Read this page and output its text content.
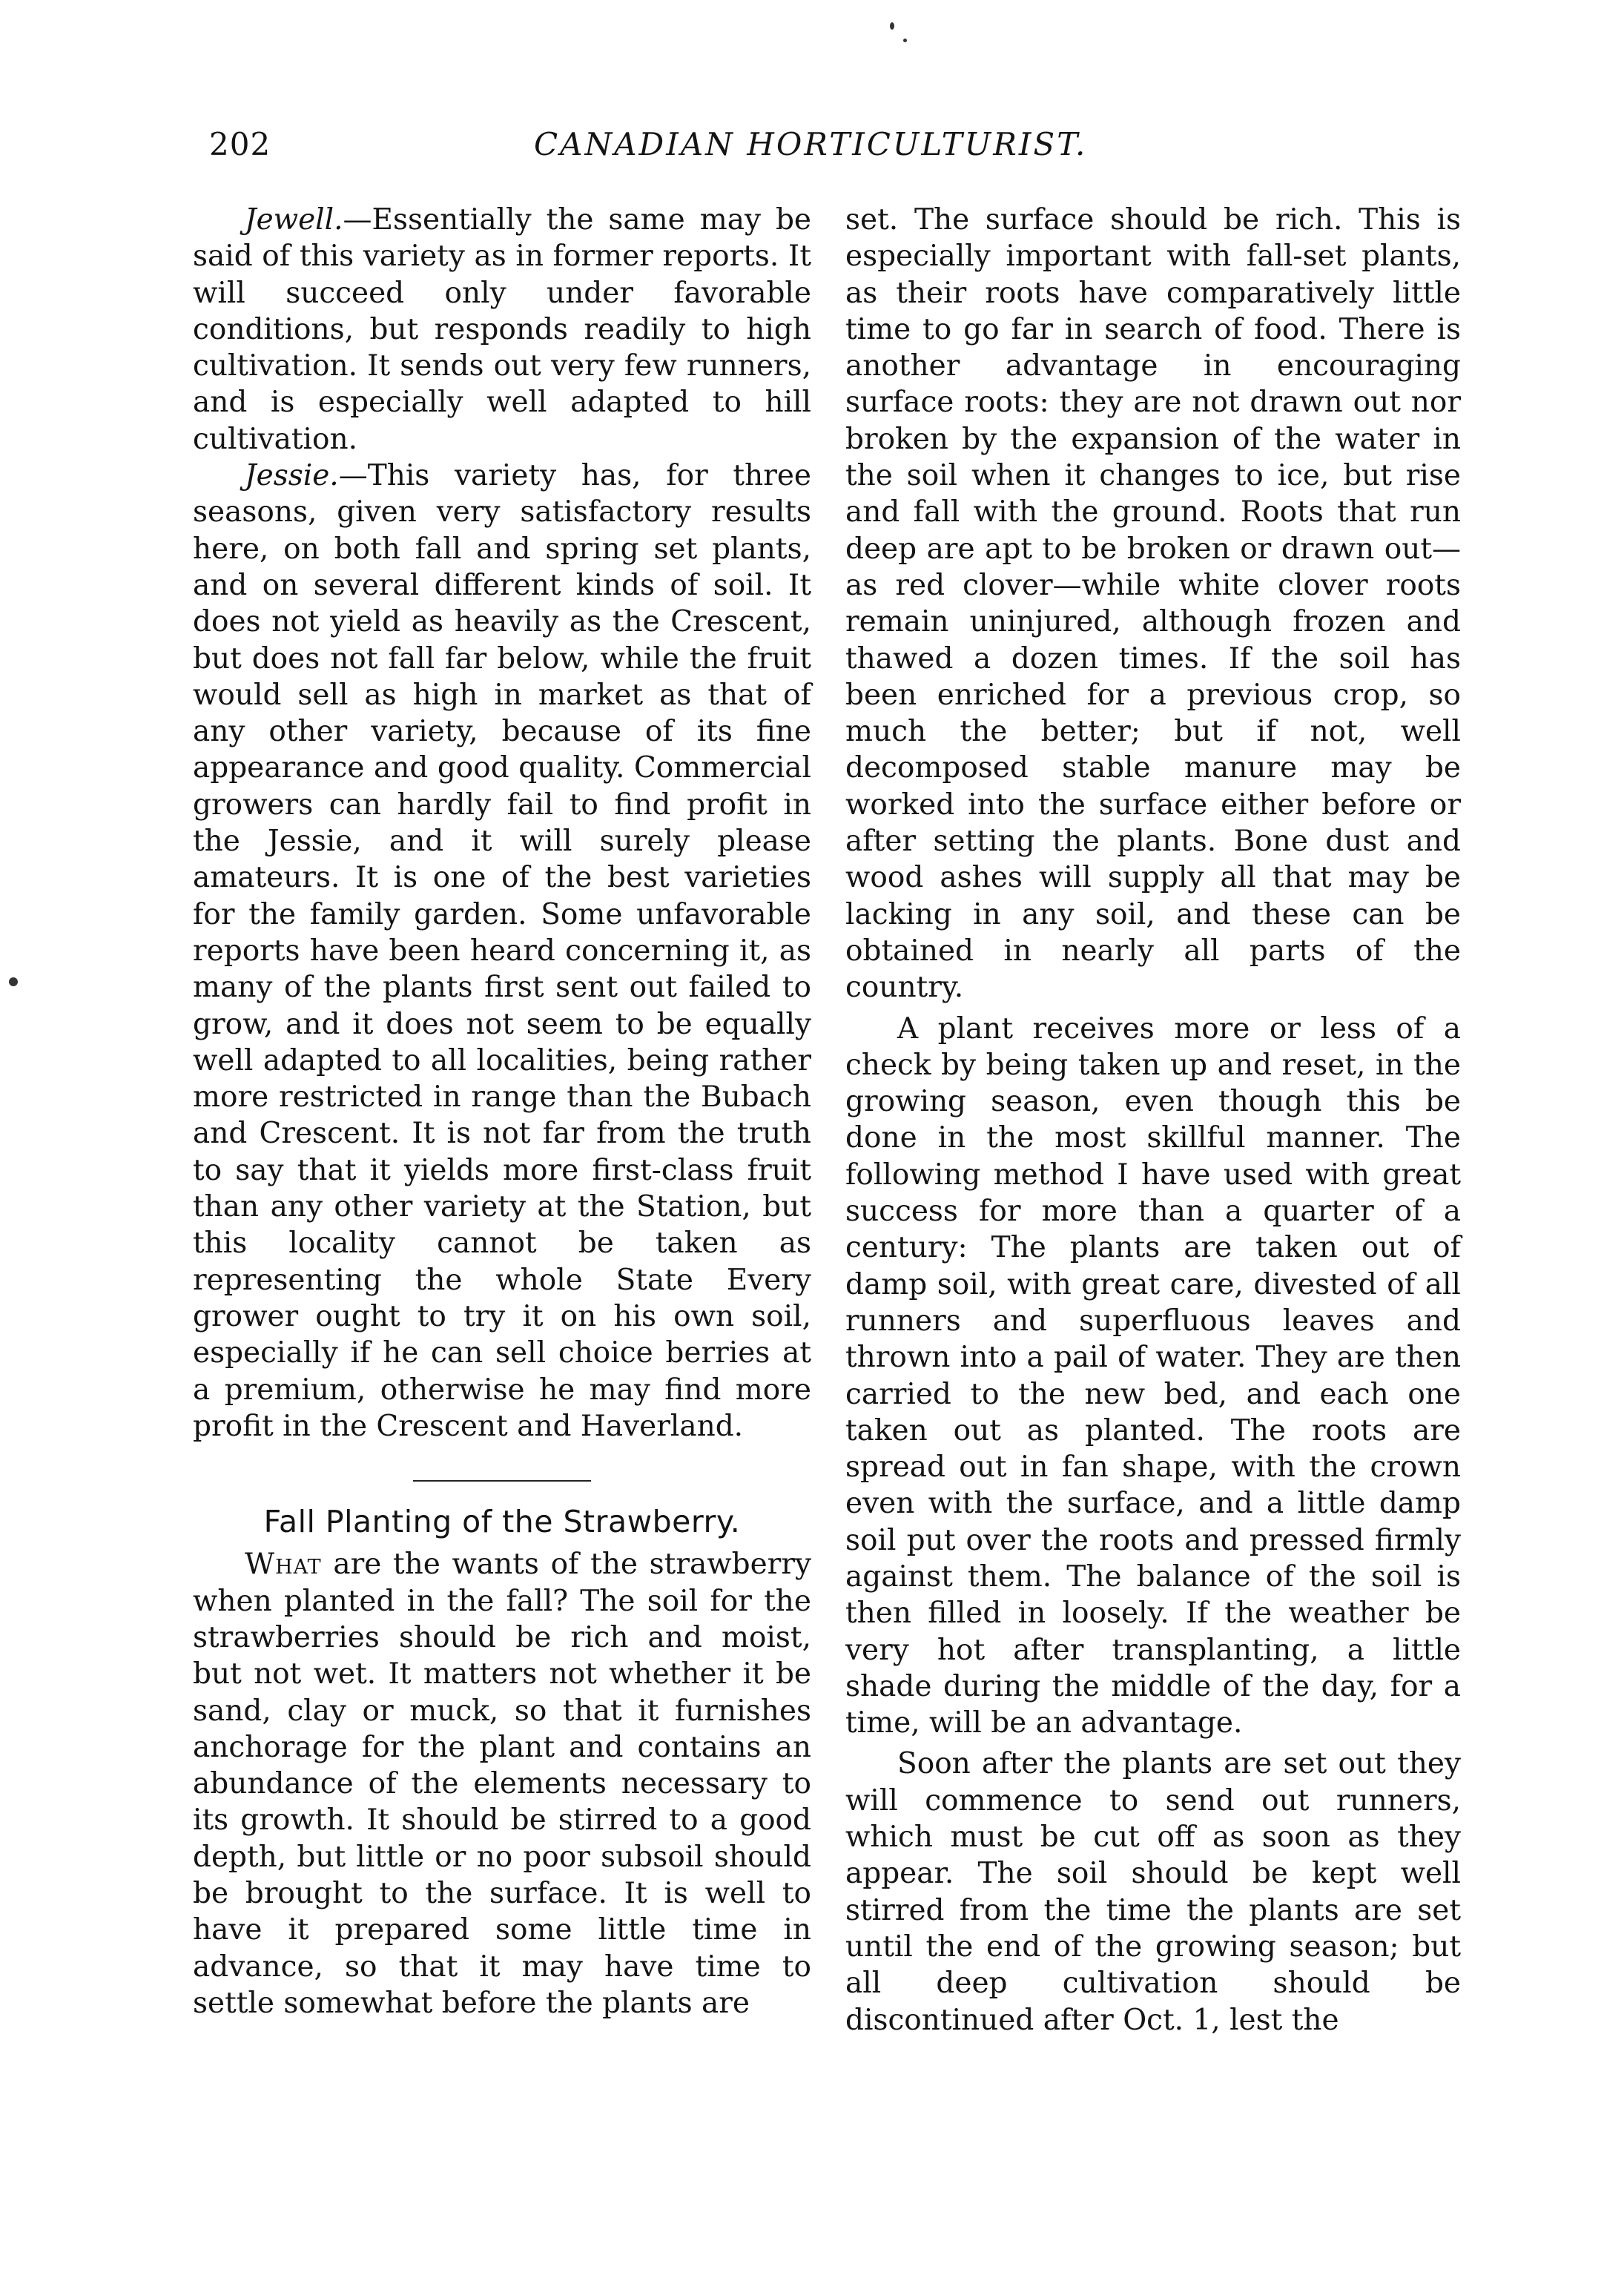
202	CANADIAN HORTICULTURIST.

Jewell.—Essentially the same may be said of this variety as in former reports. It will succeed only under favorable conditions, but responds readily to high cultivation. It sends out very few runners, and is especially well adapted to hill cultivation.

Jessie.—This variety has, for three seasons, given very satisfactory results here, on both fall and spring set plants, and on several different kinds of soil. It does not yield as heavily as the Crescent, but does not fall far below, while the fruit would sell as high in market as that of any other variety, because of its fine appearance and good quality. Commercial growers can hardly fail to find profit in the Jessie, and it will surely please amateurs. It is one of the best varieties for the family garden. Some unfavorable reports have been heard concerning it, as many of the plants first sent out failed to grow, and it does not seem to be equally well adapted to all localities, being rather more restricted in range than the Bubach and Crescent. It is not far from the truth to say that it yields more first-class fruit than any other variety at the Station, but this locality cannot be taken as representing the whole State Every grower ought to try it on his own soil, especially if he can sell choice berries at a premium, otherwise he may find more profit in the Crescent and Haverland.

Fall Planting of the Strawberry.

What are the wants of the strawberry when planted in the fall? The soil for the strawberries should be rich and moist, but not wet. It matters not whether it be sand, clay or muck, so that it furnishes anchorage for the plant and contains an abundance of the elements necessary to its growth. It should be stirred to a good depth, but little or no poor subsoil should be brought to the surface. It is well to have it prepared some little time in advance, so that it may have time to settle somewhat before the plants are

set. The surface should be rich. This is especially important with fall-set plants, as their roots have comparatively little time to go far in search of food. There is another advantage in encouraging surface roots: they are not drawn out nor broken by the expansion of the water in the soil when it changes to ice, but rise and fall with the ground. Roots that run deep are apt to be broken or drawn out—as red clover—while white clover roots remain uninjured, although frozen and thawed a dozen times. If the soil has been enriched for a previous crop, so much the better; but if not, well decomposed stable manure may be worked into the surface either before or after setting the plants. Bone dust and wood ashes will supply all that may be lacking in any soil, and these can be obtained in nearly all parts of the country.

A plant receives more or less of a check by being taken up and reset, in the growing season, even though this be done in the most skillful manner. The following method I have used with great success for more than a quarter of a century: The plants are taken out of damp soil, with great care, divested of all runners and superfluous leaves and thrown into a pail of water. They are then carried to the new bed, and each one taken out as planted. The roots are spread out in fan shape, with the crown even with the surface, and a little damp soil put over the roots and pressed firmly against them. The balance of the soil is then filled in loosely. If the weather be very hot after transplanting, a little shade during the middle of the day, for a time, will be an advantage.

Soon after the plants are set out they will commence to send out runners, which must be cut off as soon as they appear. The soil should be kept well stirred from the time the plants are set until the end of the growing season; but all deep cultivation should be discontinued after Oct. 1, lest the
